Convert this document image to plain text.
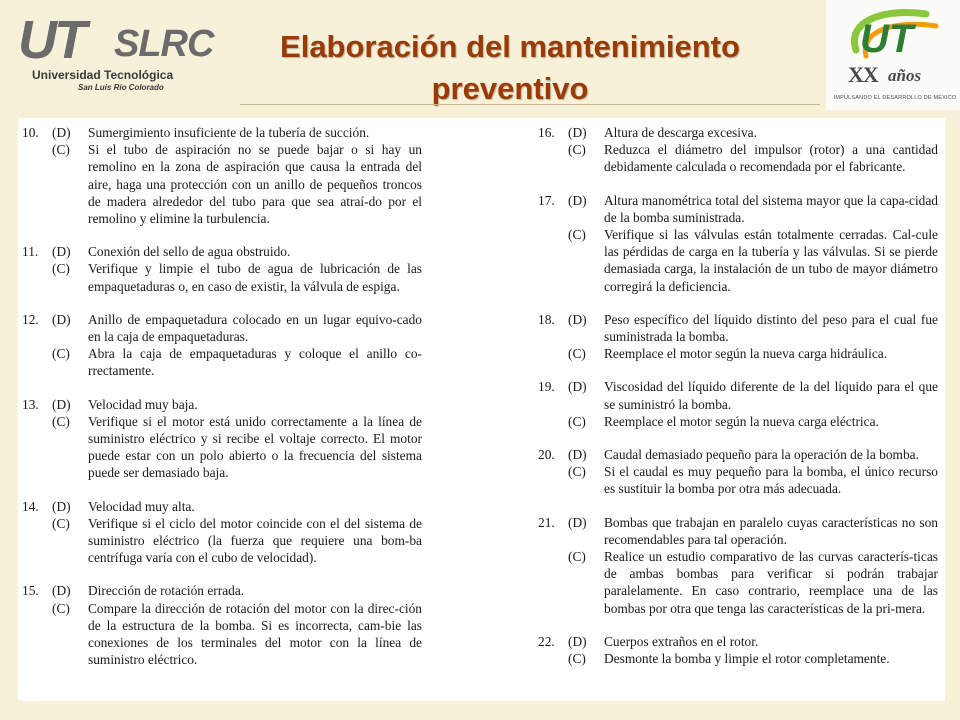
UT SLRC
Universidad Tecnológica
San Luis Río Colorado
Elaboración del mantenimiento
preventivo
UT
XX años
IMPULSANDO EL DESARROLLO DE MÉXICO
10. (D)	Sumergimiento insuficiente de la tubería de succión.
(C)	Si el tubo de aspiración no se puede bajar o si hay un remolino en la zona de aspiración que causa la entrada del aire, haga una protección con un anillo de pequeños troncos de madera alrededor del tubo para que sea atraí-do por el remolino y elimine la turbulencia.
11.	(D)	Conexión del sello de agua obstruido.
(C)	Verifique y limpie el tubo de agua de lubricación de las empaquetaduras o, en caso de existir, la válvula de espiga.
12. (D)	Anillo de empaquetadura colocado en un lugar equivo-cado en la caja de empaquetaduras.
(C)	Abra la caja de empaquetaduras y coloque el anillo co-rrectamente.
13. (D)	Velocidad muy baja.
(C)	Verifique si el motor está unido correctamente a la línea de suministro eléctrico y si recibe el voltaje correcto. El motor puede estar con un polo abierto o la frecuencia del sistema puede ser demasiado baja.
14. (D)	Velocidad muy alta.
(C)	Verifique si el ciclo del motor coincide con el del sistema de suministro eléctrico (la fuerza que requiere una bom-ba centrífuga varía con el cubo de velocidad).
15. (D)	Dirección de rotación errada.
(C)	Compare la dirección de rotación del motor con la direc-ción de la estructura de la bomba. Si es incorrecta, cam-bie las conexiones de los terminales del motor con la línea de suministro eléctrico.
16. (D)	Altura de descarga excesiva.
(C)	Reduzca el diámetro del impulsor (rotor) a una cantidad debidamente calculada o recomendada por el fabricante.
17. (D)	Altura manométrica total del sistema mayor que la capa-cidad de la bomba suministrada.
(C)	Verifique si las válvulas están totalmente cerradas. Cal-cule las pérdidas de carga en la tubería y las válvulas. Si se pierde demasiada carga, la instalación de un tubo de mayor diámetro corregirá la deficiencia.
18. (D)	Peso específico del líquido distinto del peso para el cual fue suministrada la bomba.
(C)	Reemplace el motor según la nueva carga hidráulica.
19. (D)	Viscosidad del líquido diferente de la del líquido para el que se suministró la bomba.
(C)	Reemplace el motor según la nueva carga eléctrica.
20. (D)	Caudal demasiado pequeño para la operación de la bomba.
(C)	Si el caudal es muy pequeño para la bomba, el único recurso es sustituir la bomba por otra más adecuada.
21. (D)	Bombas que trabajan en paralelo cuyas características no son recomendables para tal operación.
(C)	Realice un estudio comparativo de las curvas caracterís-ticas de ambas bombas para verificar si podrán trabajar paralelamente. En caso contrario, reemplace una de las bombas por otra que tenga las características de la pri-mera.
22. (D)	Cuerpos extraños en el rotor.
(C)	Desmonte la bomba y limpie el rotor completamente.
